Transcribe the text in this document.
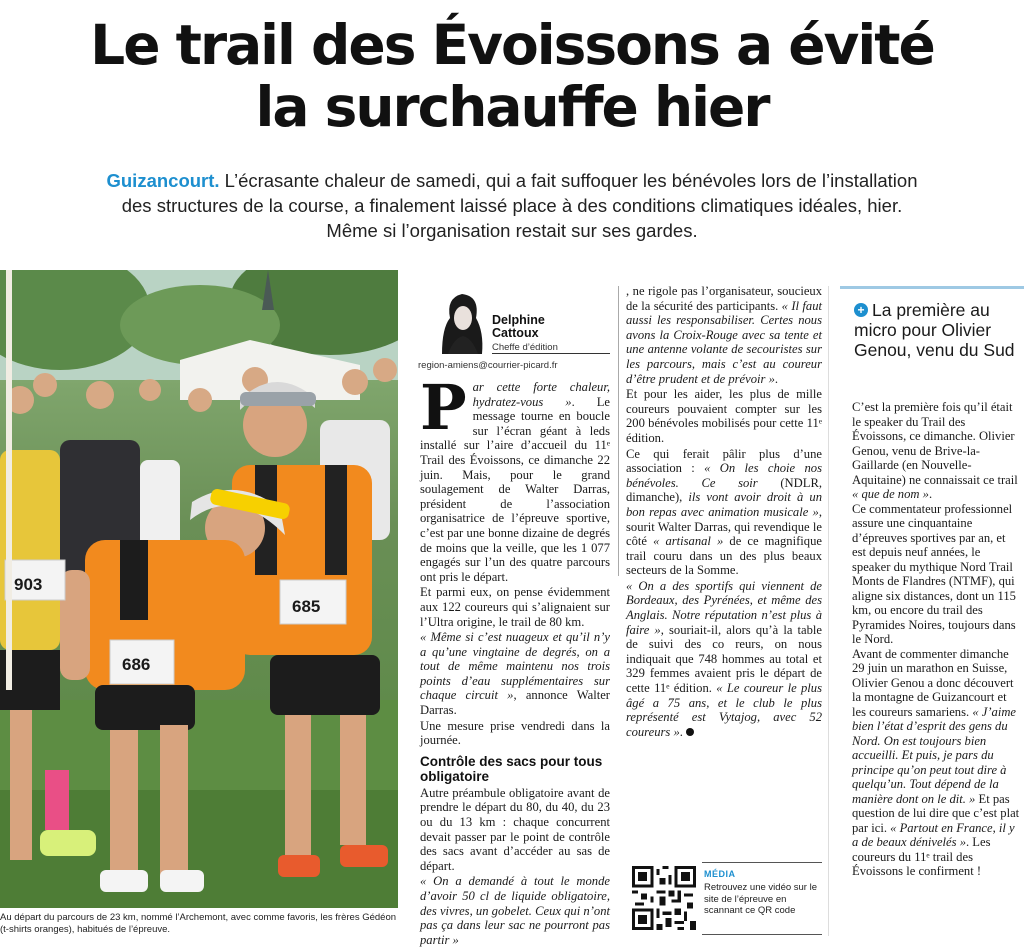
Le trail des Évoissons a évité
la surchauffe hier
Guizancourt. L’écrasante chaleur de samedi, qui a fait suffoquer les bénévoles lors de l’installation des structures de la course, a finalement laissé place à des conditions climatiques idéales, hier. Même si l’organisation restait sur ses gardes.
903
685
686
Au départ du parcours de 23 km, nommé l’Archemont, avec comme favoris, les frères Gédéon (t-shirts oranges), habitués de l’épreuve.
Delphine
Cattoux
Cheffe d’édition
region-amiens@courrier-picard.fr

Par cette forte chaleur, hydratez-vous ». Le message tourne en boucle sur l’écran géant à leds installé sur l’aire d’accueil du 11ᵉ Trail des Évoissons, ce dimanche 22 juin. Mais, pour le grand soulagement de Walter Darras, président de l’association organisatrice de l’épreuve sportive, c’est par une bonne dizaine de degrés de moins que la veille, que les 1 077 engagés sur l’un des quatre parcours ont pris le départ.

Et parmi eux, on pense évidemment aux 122 coureurs qui s’alignaient sur l’Ultra origine, le trail de 80 km.

« Même si c’est nuageux et qu’il n’y a qu’une vingtaine de degrés, on a tout de même maintenu nos trois points d’eau supplémentaires sur chaque circuit », annonce Walter Darras.

Une mesure prise vendredi dans la journée.

Contrôle des sacs pour tous obligatoire

Autre préambule obligatoire avant de prendre le départ du 80, du 40, du 23 ou du 13 km : chaque concurrent devait passer par le point de contrôle des sacs avant d’accéder au sas de départ.

« On a demandé à tout le monde d’avoir 50 cl de liquide obligatoire, des vivres, un gobelet. Ceux qui n’ont pas ça dans leur sac ne pourront pas partir »

, ne rigole pas l’organisateur, soucieux de la sécurité des participants. « Il faut aussi les responsabiliser. Certes nous avons la Croix-Rouge avec sa tente et une antenne volante de secouristes sur les parcours, mais c’est au coureur d’être prudent et de prévoir ».

Et pour les aider, les plus de mille coureurs pouvaient compter sur les 200 bénévoles mobilisés pour cette 11ᵉ édition.

Ce qui ferait pâlir plus d’une association : « On les choie nos bénévoles. Ce soir (NDLR, dimanche), ils vont avoir droit à un bon repas avec animation musicale », sourit Walter Darras, qui revendique le côté « artisanal » de ce magnifique trail couru dans un des plus beaux secteurs de la Somme.

« On a des sportifs qui viennent de Bordeaux, des Pyrénées, et même des Anglais. Notre réputation n’est plus à faire », souriait-il, alors qu’à la table de suivi des co reurs, on nous indiquait que 748 hommes au total et 329 femmes avaient pris le départ de cette 11ᵉ édition. « Le coureur le plus âgé a 75 ans, et le club le plus représenté est Vytajog, avec 52 coureurs ».

MÉDIA
Retrouvez une vidéo sur le site de l’épreuve en scannant ce QR code
+ La première au micro pour Olivier Genou, venu du Sud
C’est la première fois qu’il était le speaker du Trail des Évoissons, ce dimanche. Olivier Genou, venu de Brive-la-Gaillarde (en Nouvelle-Aquitaine) ne connaissait ce trail « que de nom ».
Ce commentateur professionnel assure une cinquantaine d’épreuves sportives par an, et est depuis neuf années, le speaker du mythique Nord Trail Monts de Flandres (NTMF), qui aligne six distances, dont un 115 km, ou encore du trail des Pyramides Noires, toujours dans le Nord.
Avant de commenter dimanche 29 juin un marathon en Suisse, Olivier Genou a donc découvert la montagne de Guizancourt et les coureurs samariens. « J’aime bien l’état d’esprit des gens du Nord. On est toujours bien accueilli. Et puis, je pars du principe qu’on peut tout dire à quelqu’un. Tout dépend de la manière dont on le dit. » Et pas question de lui dire que c’est plat par ici. « Partout en France, il y a de beaux dénivelés ». Les coureurs du 11ᵉ trail des Évoissons le confirment !
